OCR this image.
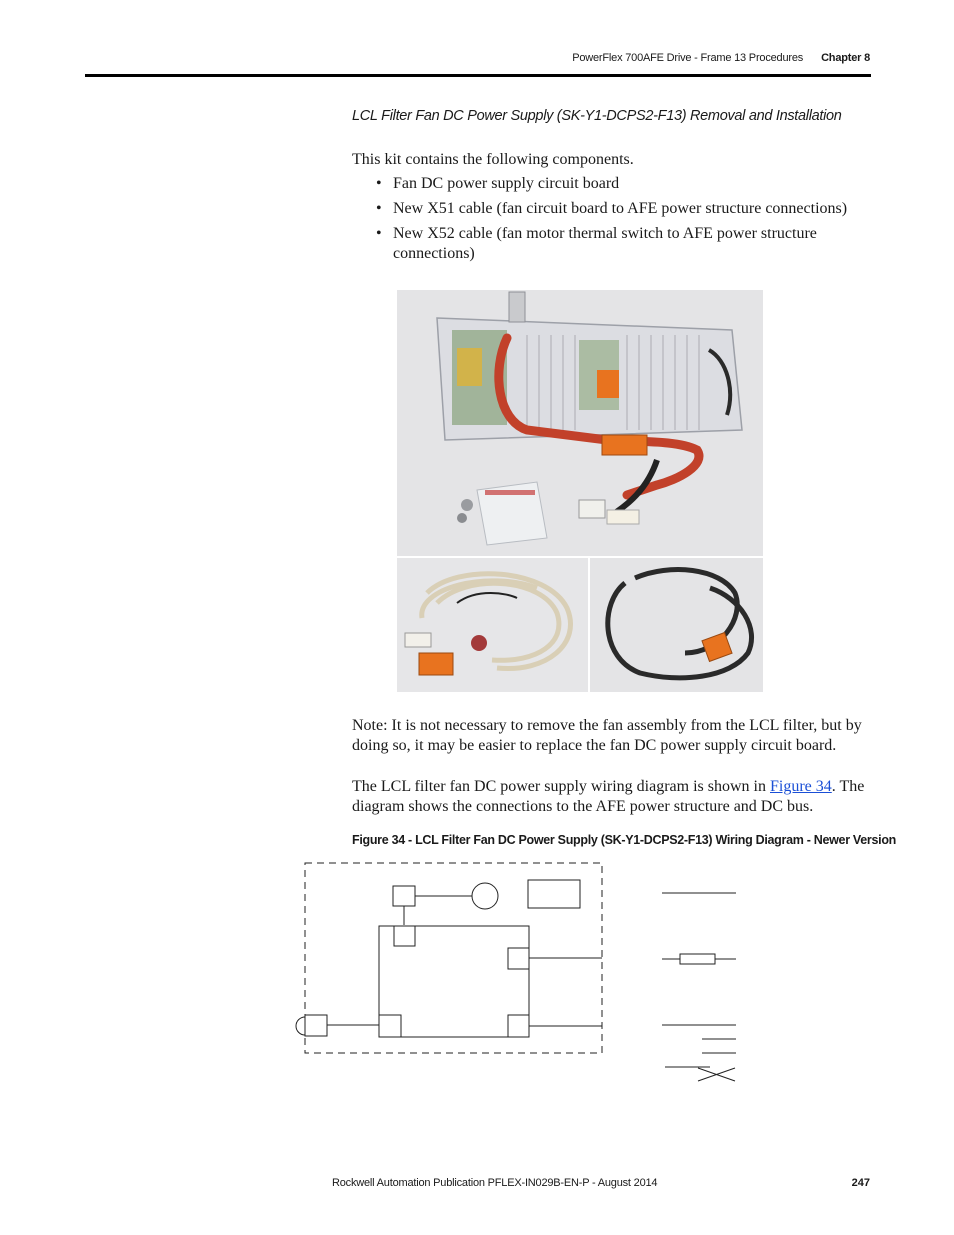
PowerFlex 700AFE Drive - Frame 13 Procedures Chapter 8
LCL Filter Fan DC Power Supply (SK-Y1-DCPS2-F13) Removal and Installation
This kit contains the following components.
• Fan DC power supply circuit board
• New X51 cable (fan circuit board to AFE power structure connections)
• New X52 cable (fan motor thermal switch to AFE power structure connections)
Note: It is not necessary to remove the fan assembly from the LCL filter, but by doing so, it may be easier to replace the fan DC power supply circuit board.
The LCL filter fan DC power supply wiring diagram is shown in Figure 34. The diagram shows the connections to the AFE power structure and DC bus.
Figure 34 - LCL Filter Fan DC Power Supply (SK-Y1-DCPS2-F13) Wiring Diagram - Newer Version
Rockwell Automation Publication PFLEX-IN029B-EN-P - August 2014	247
